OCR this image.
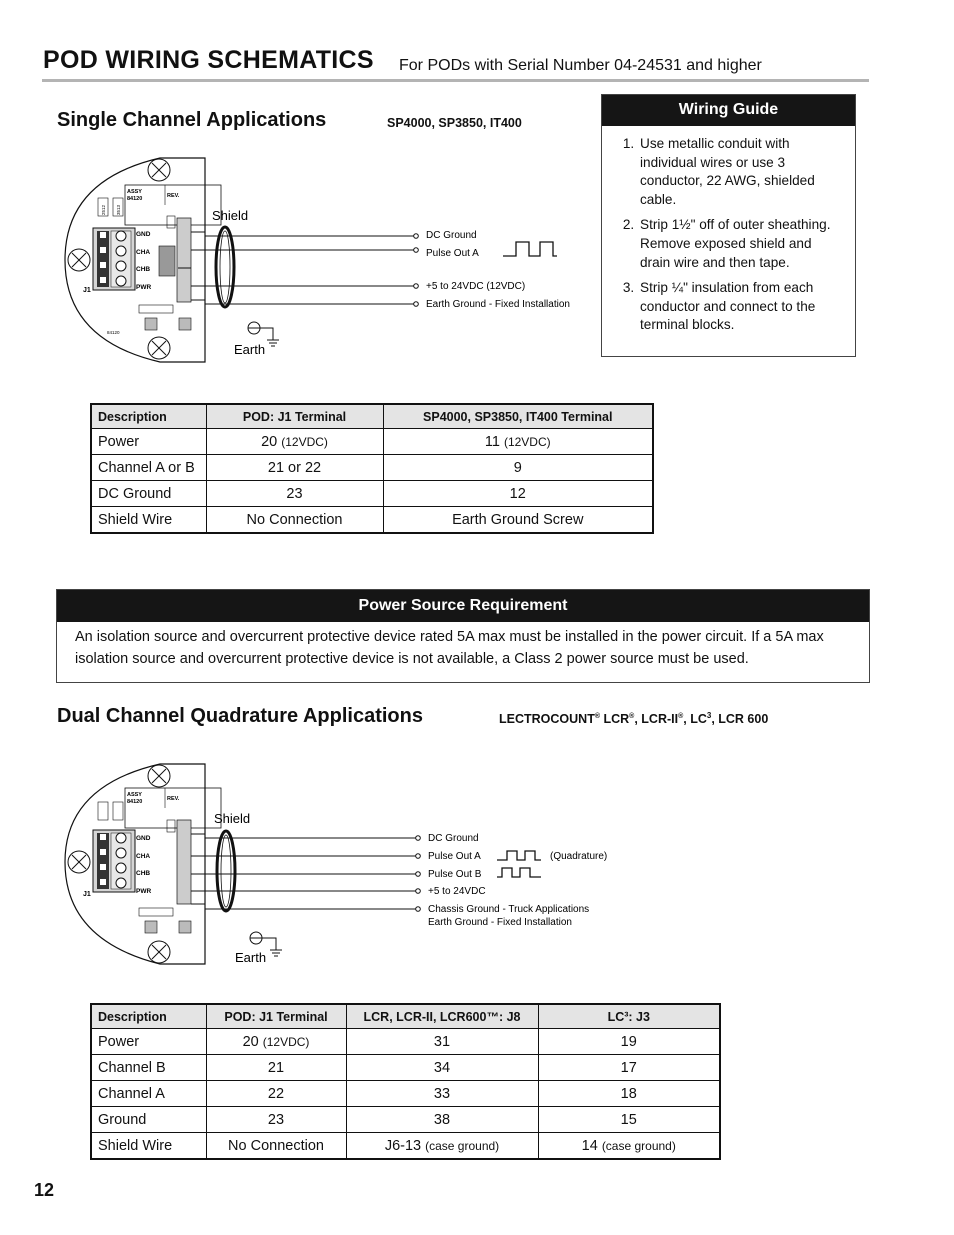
POD WIRING SCHEMATICS For PODs with Serial Number 04-24531 and higher
Single Channel Applications	SP4000, SP3850, IT400
ASSY
84120	REV.
2512 3513
GND
CHA
CHB
PWR
J1
84120
Shield
DC Ground
Pulse Out A
+5 to 24VDC (12VDC)
Earth Ground - Fixed Installation
Earth
Wiring Guide
1. Use metallic conduit with individual wires or use 3 conductor, 22 AWG, shielded cable.
2. Strip 1½" off of outer sheathing. Remove exposed shield and drain wire and then tape.
3. Strip ¼" insulation from each conductor and connect to the terminal blocks.
Description	POD: J1 Terminal	SP4000, SP3850, IT400 Terminal
Power	20 (12VDC)	11 (12VDC)
Channel A or B	21 or 22	9
DC Ground	23	12
Shield Wire	No Connection	Earth Ground Screw
Power Source Requirement
An isolation source and overcurrent protective device rated 5A max must be installed in the power circuit. If a 5A max isolation source and overcurrent protective device is not available, a Class 2 power source must be used.
Dual Channel Quadrature Applications	LECTROCOUNT® LCR®, LCR-II®, $LC^3$, LCR 600
ASSY
84120	REV.
GND
CHA
CHB
PWR
J1
Shield
DC Ground
Pulse Out A
Pulse Out B
+5 to 24VDC
Chassis Ground - Truck Applications
Earth Ground - Fixed Installation
(Quadrature)
Earth
Description	POD: J1 Terminal	LCR, LCR-II, LCR600™: J8	LC³: J3
Power	20 (12VDC)	31	19
Channel B	21	34	17
Channel A	22	33	18
Ground	23	38	15
Shield Wire	No Connection	J6-13 (case ground)	14 (case ground)
12
